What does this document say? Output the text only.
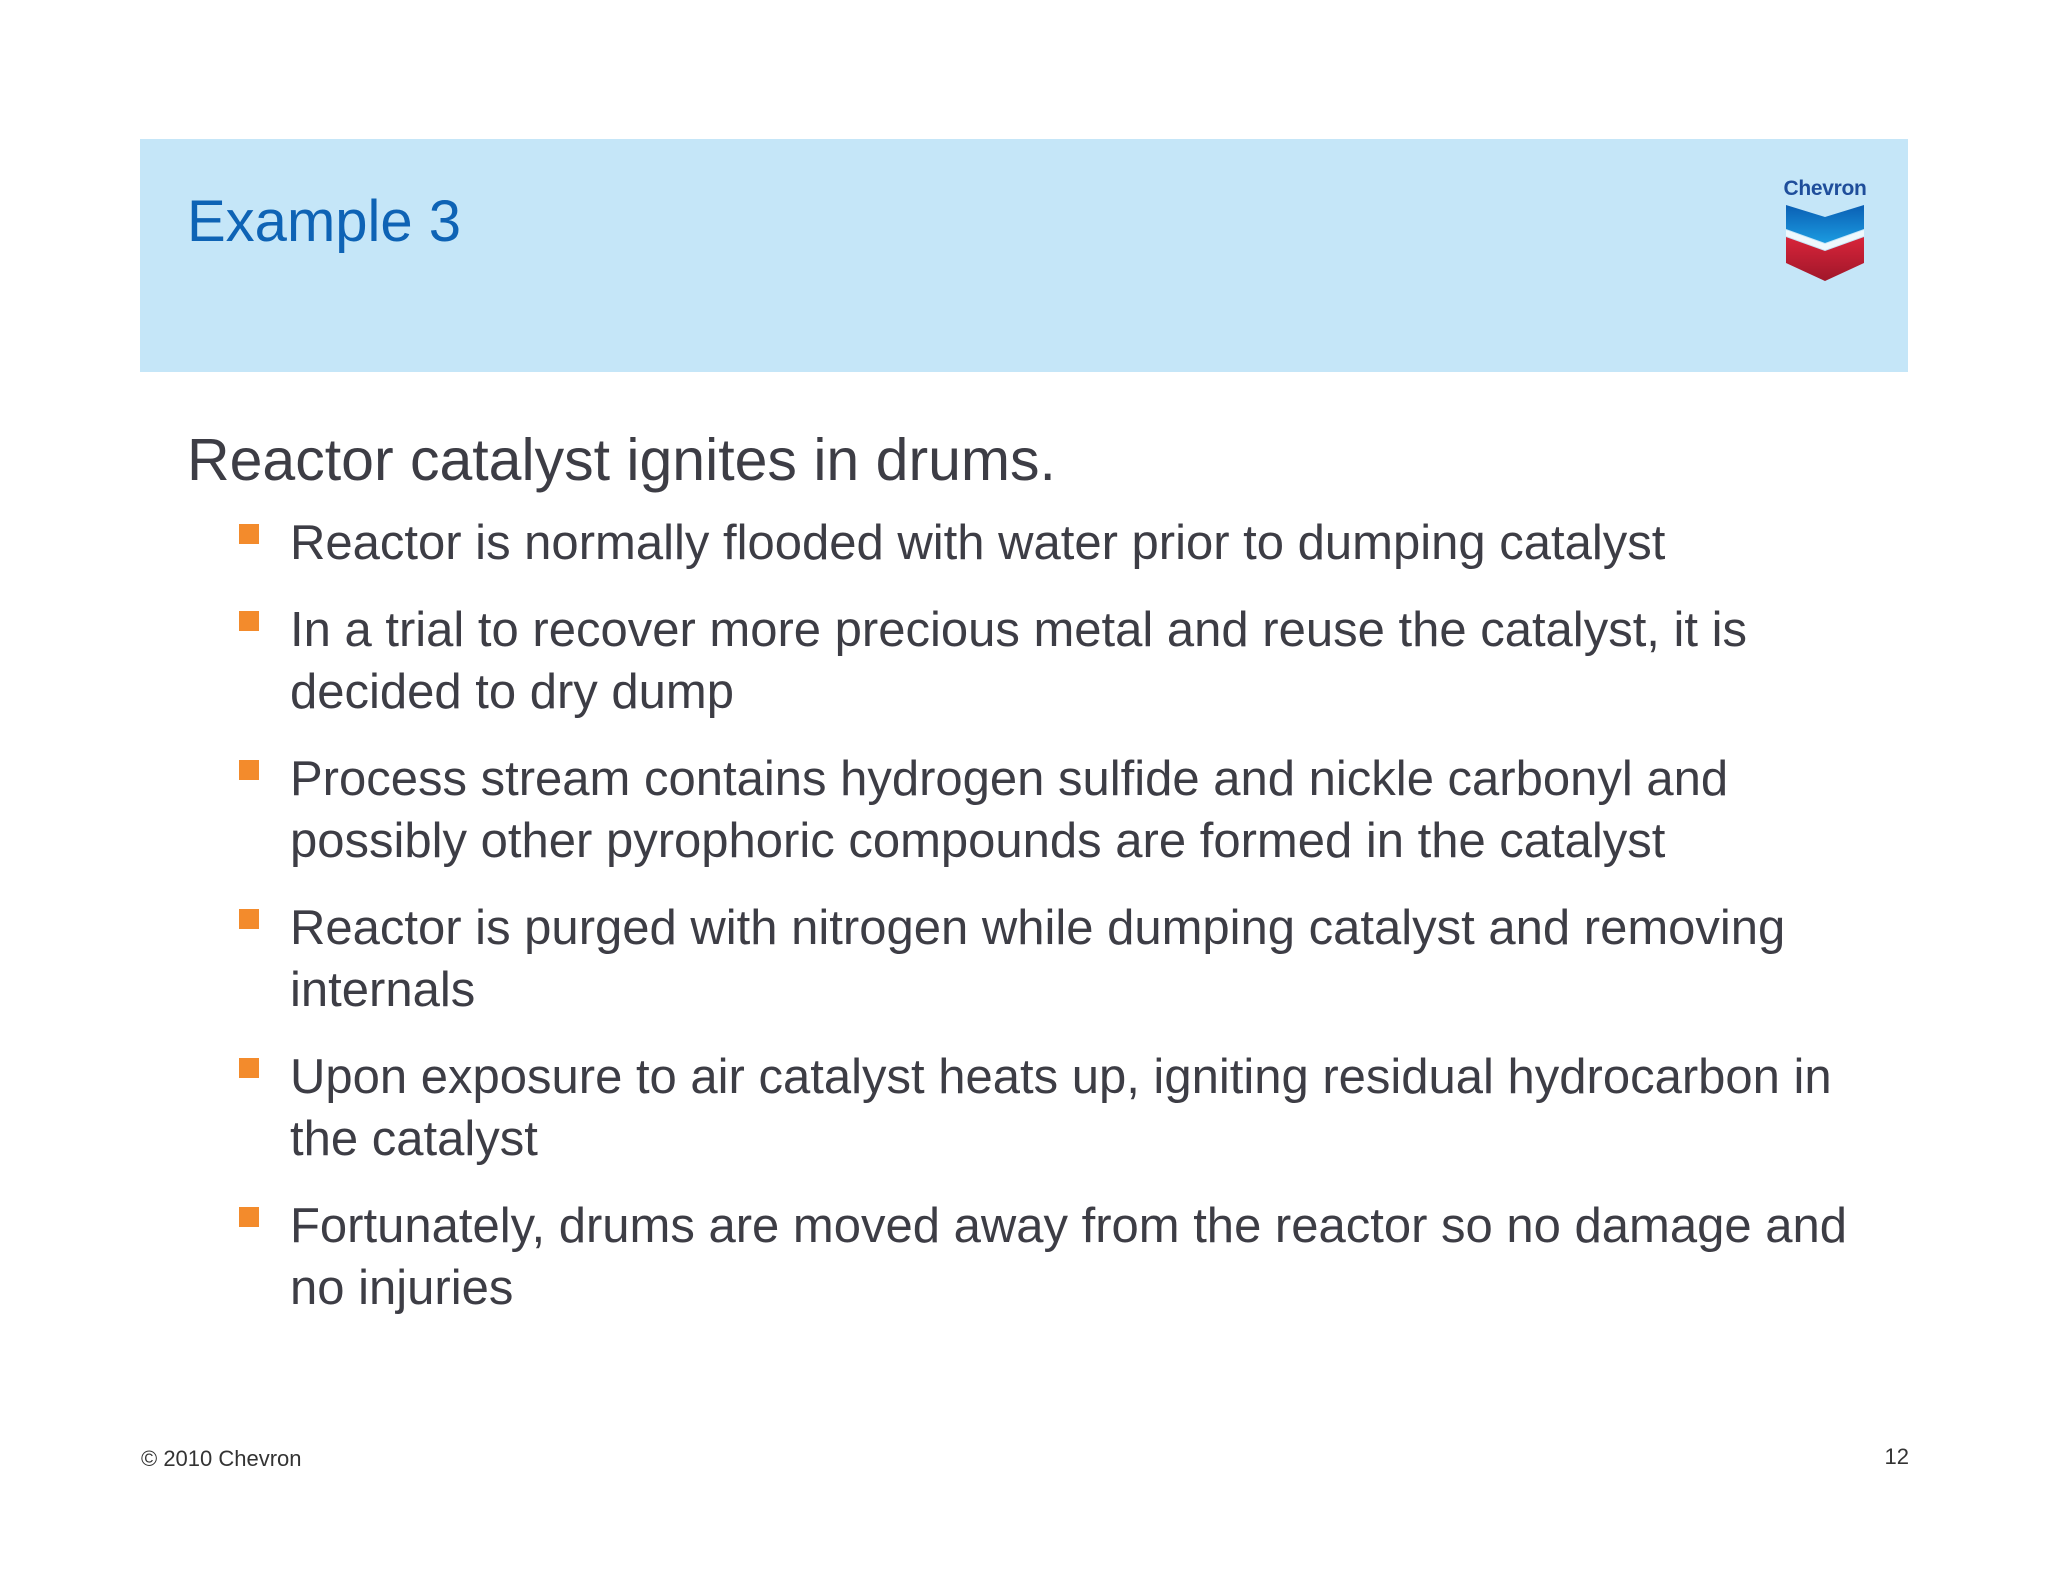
Example 3
Chevron
Reactor catalyst ignites in drums.
Reactor is normally flooded with water prior to dumping catalyst
In a trial to recover more precious metal and reuse the catalyst, it is decided to dry dump
Process stream contains hydrogen sulfide and nickle carbonyl and possibly other pyrophoric compounds are formed in the catalyst
Reactor is purged with nitrogen while dumping catalyst and removing internals
Upon exposure to air catalyst heats up, igniting residual hydrocarbon in the catalyst
Fortunately, drums are moved away from the reactor so no damage and no injuries
© 2010 Chevron	12
